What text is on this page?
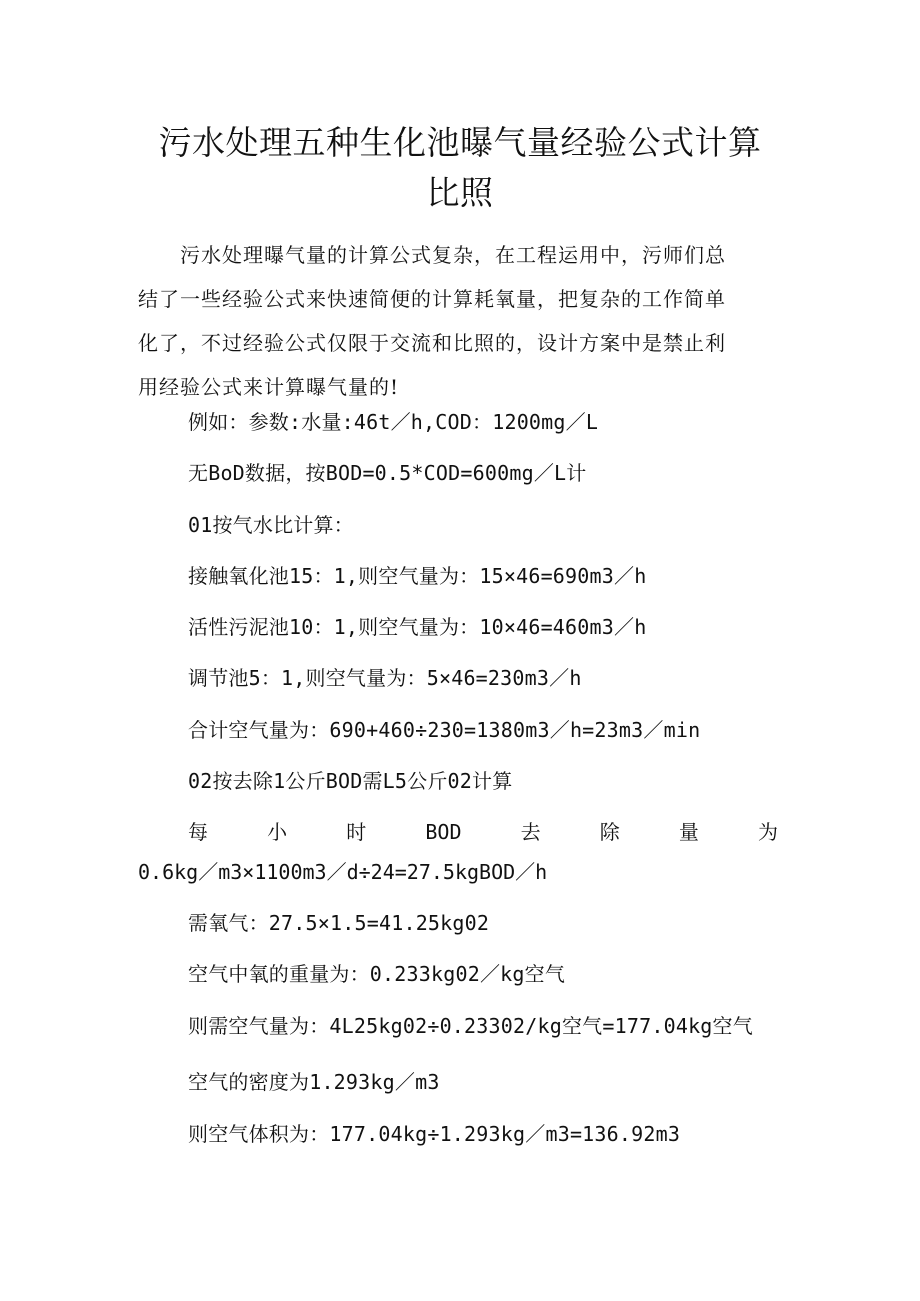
污水处理五种生化池曝气量经验公式计算
比照
　　污水处理曝气量的计算公式复杂，在工程运用中，污师们总
结了一些经验公式来快速简便的计算耗氧量，把复杂的工作简单
化了，不过经验公式仅限于交流和比照的，设计方案中是禁止利
用经验公式来计算曝气量的!
例如：参数:水量:46t／h,COD：1200mg／L
无BoD数据，按BOD=0.5*COD=600mg／L计
01按气水比计算：
接触氧化池15：1,则空气量为：15×46=690m3／h
活性污泥池10：1,则空气量为：10×46=460m3／h
调节池5：1,则空气量为：5×46=230m3／h
合计空气量为：690+460÷230=1380m3／h=23m3／min
02按去除1公斤BOD需L5公斤02计算
每	小	时	BOD	去	除	量	为
0.6kg／m3×1100m3／d÷24=27.5kgBOD／h
需氧气：27.5×1.5=41.25kg02
空气中氧的重量为：0.233kg02／kg空气
则需空气量为：4L25kg02÷0.23302/kg空气=177.04kg空气
空气的密度为1.293kg／m3
则空气体积为：177.04kg÷1.293kg／m3=136.92m3
